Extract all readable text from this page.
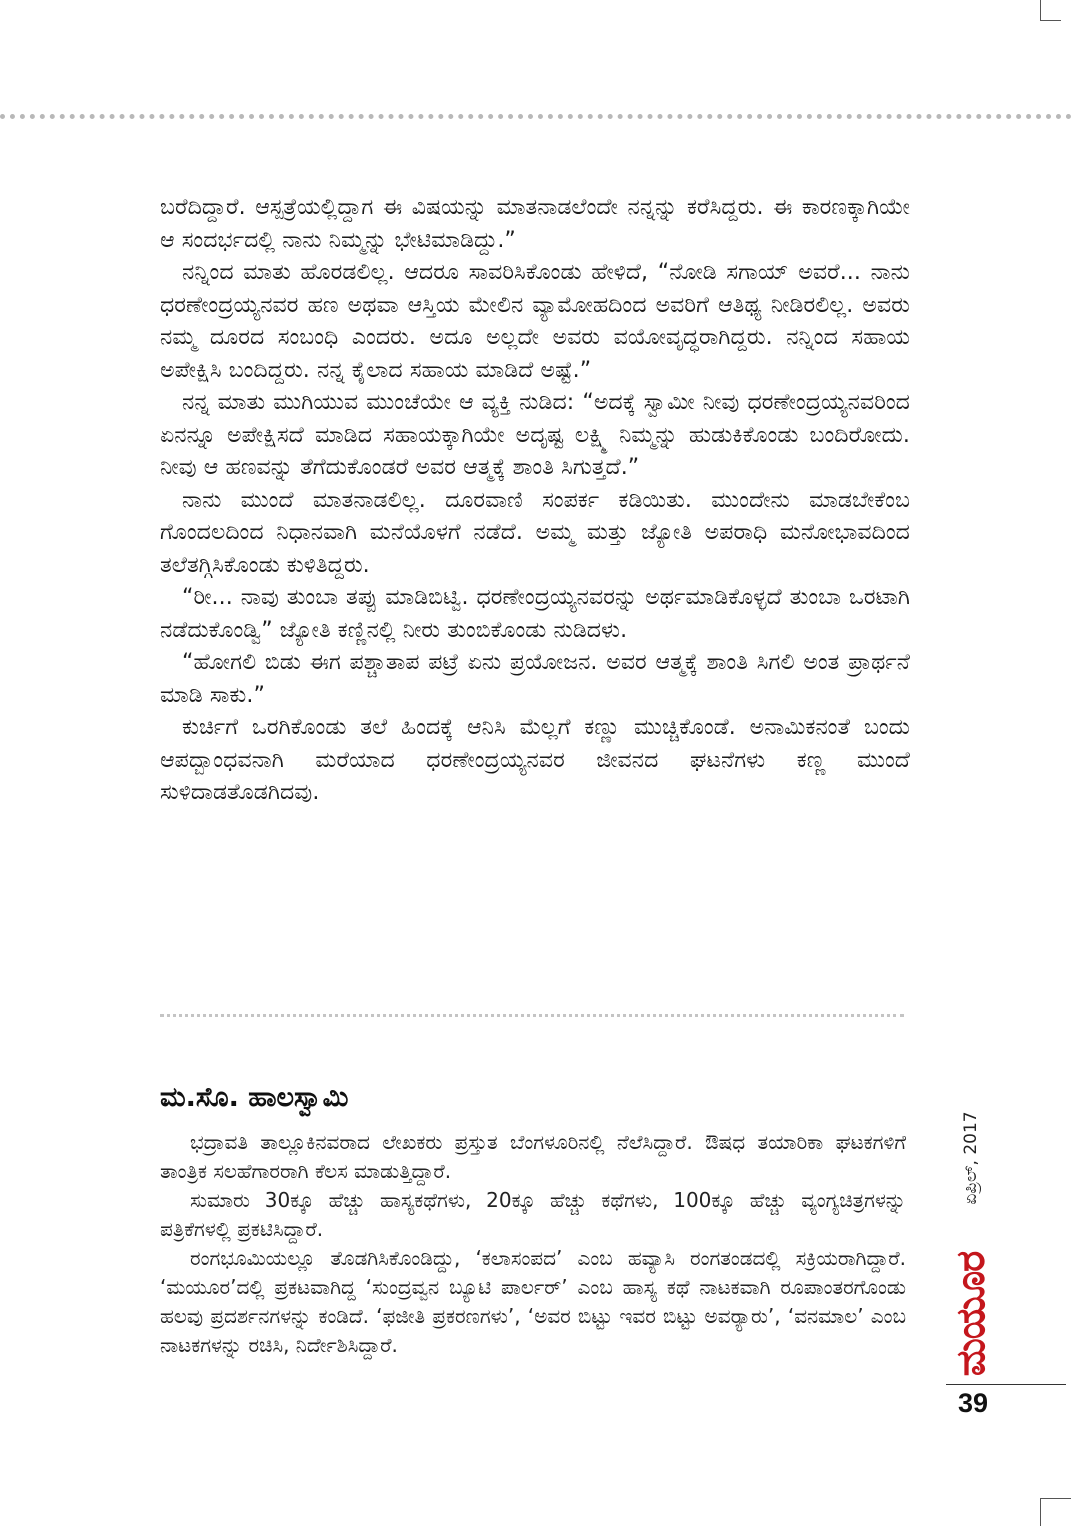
ಬರೆದಿದ್ದಾರೆ. ಆಸ್ಪತ್ರೆಯಲ್ಲಿದ್ದಾಗ ಈ ವಿಷಯನ್ನು ಮಾತನಾಡಲೆಂದೇ ನನ್ನನ್ನು ಕರೆಸಿದ್ದರು. ಈ ಕಾರಣಕ್ಕಾಗಿಯೇ ಆ ಸಂದರ್ಭದಲ್ಲಿ ನಾನು ನಿಮ್ಮನ್ನು ಭೇಟಿಮಾಡಿದ್ದು.”

ನನ್ನಿಂದ ಮಾತು ಹೊರಡಲಿಲ್ಲ. ಆದರೂ ಸಾವರಿಸಿಕೊಂಡು ಹೇಳಿದೆ, “ನೋಡಿ ಸಗಾಯ್ ಅವರೆ... ನಾನು ಧರಣೇಂದ್ರಯ್ಯನವರ ಹಣ ಅಥವಾ ಆಸ್ತಿಯ ಮೇಲಿನ ವ್ಯಾಮೋಹದಿಂದ ಅವರಿಗೆ ಆತಿಥ್ಯ ನೀಡಿರಲಿಲ್ಲ. ಅವರು ನಮ್ಮ ದೂರದ ಸಂಬಂಧಿ ಎಂದರು. ಅದೂ ಅಲ್ಲದೇ ಅವರು ವಯೋವೃದ್ಧರಾಗಿದ್ದರು. ನನ್ನಿಂದ ಸಹಾಯ ಅಪೇಕ್ಷಿಸಿ ಬಂದಿದ್ದರು. ನನ್ನ ಕೈಲಾದ ಸಹಾಯ ಮಾಡಿದೆ ಅಷ್ಟೆ.”

ನನ್ನ ಮಾತು ಮುಗಿಯುವ ಮುಂಚೆಯೇ ಆ ವ್ಯಕ್ತಿ ನುಡಿದ: “ಅದಕ್ಕೆ ಸ್ವಾಮೀ ನೀವು ಧರಣೇಂದ್ರಯ್ಯನವರಿಂದ ಏನನ್ನೂ ಅಪೇಕ್ಷಿಸದೆ ಮಾಡಿದ ಸಹಾಯಕ್ಕಾಗಿಯೇ ಅದೃಷ್ಟ ಲಕ್ಷ್ಮಿ ನಿಮ್ಮನ್ನು ಹುಡುಕಿಕೊಂಡು ಬಂದಿರೋದು. ನೀವು ಆ ಹಣವನ್ನು ತೆಗೆದುಕೊಂಡರೆ ಅವರ ಆತ್ಮಕ್ಕೆ ಶಾಂತಿ ಸಿಗುತ್ತದೆ.”

ನಾನು ಮುಂದೆ ಮಾತನಾಡಲಿಲ್ಲ. ದೂರವಾಣಿ ಸಂಪರ್ಕ ಕಡಿಯಿತು. ಮುಂದೇನು ಮಾಡಬೇಕೆಂಬ ಗೊಂದಲದಿಂದ ನಿಧಾನವಾಗಿ ಮನೆಯೊಳಗೆ ನಡೆದೆ. ಅಮ್ಮ ಮತ್ತು ಜ್ಯೋತಿ ಅಪರಾಧಿ ಮನೋಭಾವದಿಂದ ತಲೆತಗ್ಗಿಸಿಕೊಂಡು ಕುಳಿತಿದ್ದರು.

“ರೀ... ನಾವು ತುಂಬಾ ತಪ್ಪು ಮಾಡಿಬಿಟ್ವಿ. ಧರಣೇಂದ್ರಯ್ಯನವರನ್ನು ಅರ್ಥಮಾಡಿಕೊಳ್ಳದೆ ತುಂಬಾ ಒರಟಾಗಿ ನಡೆದುಕೊಂಡ್ವಿ” ಜ್ಯೋತಿ ಕಣ್ಣಿನಲ್ಲಿ ನೀರು ತುಂಬಿಕೊಂಡು ನುಡಿದಳು.

“ಹೋಗಲಿ ಬಿಡು ಈಗ ಪಶ್ಚಾತಾಪ ಪಟ್ರೆ ಏನು ಪ್ರಯೋಜನ. ಅವರ ಆತ್ಮಕ್ಕೆ ಶಾಂತಿ ಸಿಗಲಿ ಅಂತ ಪ್ರಾರ್ಥನೆ ಮಾಡಿ ಸಾಕು.”

ಕುರ್ಚಿಗೆ ಒರಗಿಕೊಂಡು ತಲೆ ಹಿಂದಕ್ಕೆ ಆನಿಸಿ ಮೆಲ್ಲಗೆ ಕಣ್ಣು ಮುಚ್ಚಿಕೊಂಡೆ. ಅನಾಮಿಕನಂತೆ ಬಂದು ಆಪದ್ಬಾಂಧವನಾಗಿ ಮರೆಯಾದ ಧರಣೇಂದ್ರಯ್ಯನವರ ಜೀವನದ ಘಟನೆಗಳು ಕಣ್ಣ ಮುಂದೆ ಸುಳಿದಾಡತೊಡಗಿದವು.

ಮ.ಸೊ. ಹಾಲಸ್ವಾಮಿ

ಭದ್ರಾವತಿ ತಾಲ್ಲೂಕಿನವರಾದ ಲೇಖಕರು ಪ್ರಸ್ತುತ ಬೆಂಗಳೂರಿನಲ್ಲಿ ನೆಲೆಸಿದ್ದಾರೆ. ಔಷಧ ತಯಾರಿಕಾ ಘಟಕಗಳಿಗೆ ತಾಂತ್ರಿಕ ಸಲಹೆಗಾರರಾಗಿ ಕೆಲಸ ಮಾಡುತ್ತಿದ್ದಾರೆ.

ಸುಮಾರು 30ಕ್ಕೂ ಹೆಚ್ಚು ಹಾಸ್ಯಕಥೆಗಳು, 20ಕ್ಕೂ ಹೆಚ್ಚು ಕಥೆಗಳು, 100ಕ್ಕೂ ಹೆಚ್ಚು ವ್ಯಂಗ್ಯಚಿತ್ರಗಳನ್ನು ಪತ್ರಿಕೆಗಳಲ್ಲಿ ಪ್ರಕಟಿಸಿದ್ದಾರೆ.

ರಂಗಭೂಮಿಯಲ್ಲೂ ತೊಡಗಿಸಿಕೊಂಡಿದ್ದು, ‘ಕಲಾಸಂಪದ’ ಎಂಬ ಹವ್ಯಾಸಿ ರಂಗತಂಡದಲ್ಲಿ ಸಕ್ರಿಯರಾಗಿದ್ದಾರೆ. ‘ಮಯೂರ’ದಲ್ಲಿ ಪ್ರಕಟವಾಗಿದ್ದ ‘ಸುಂದ್ರವ್ವನ ಬ್ಯೂಟಿ ಪಾರ್ಲರ್’ ಎಂಬ ಹಾಸ್ಯ ಕಥೆ ನಾಟಕವಾಗಿ ರೂಪಾಂತರಗೊಂಡು ಹಲವು ಪ್ರದರ್ಶನಗಳನ್ನು ಕಂಡಿದೆ. ‘ಫಜೀತಿ ಪ್ರಕರಣಗಳು’, ‘ಅವರ ಬಿಟ್ಟು ಇವರ ಬಿಟ್ಟು ಅವರ್‍ಯಾರು’, ‘ವನಮಾಲ’ ಎಂಬ ನಾಟಕಗಳನ್ನು ರಚಿಸಿ, ನಿರ್ದೇಶಿಸಿದ್ದಾರೆ.

ಏಪ್ರಿಲ್, 2017
ಮಯೂರ
39
